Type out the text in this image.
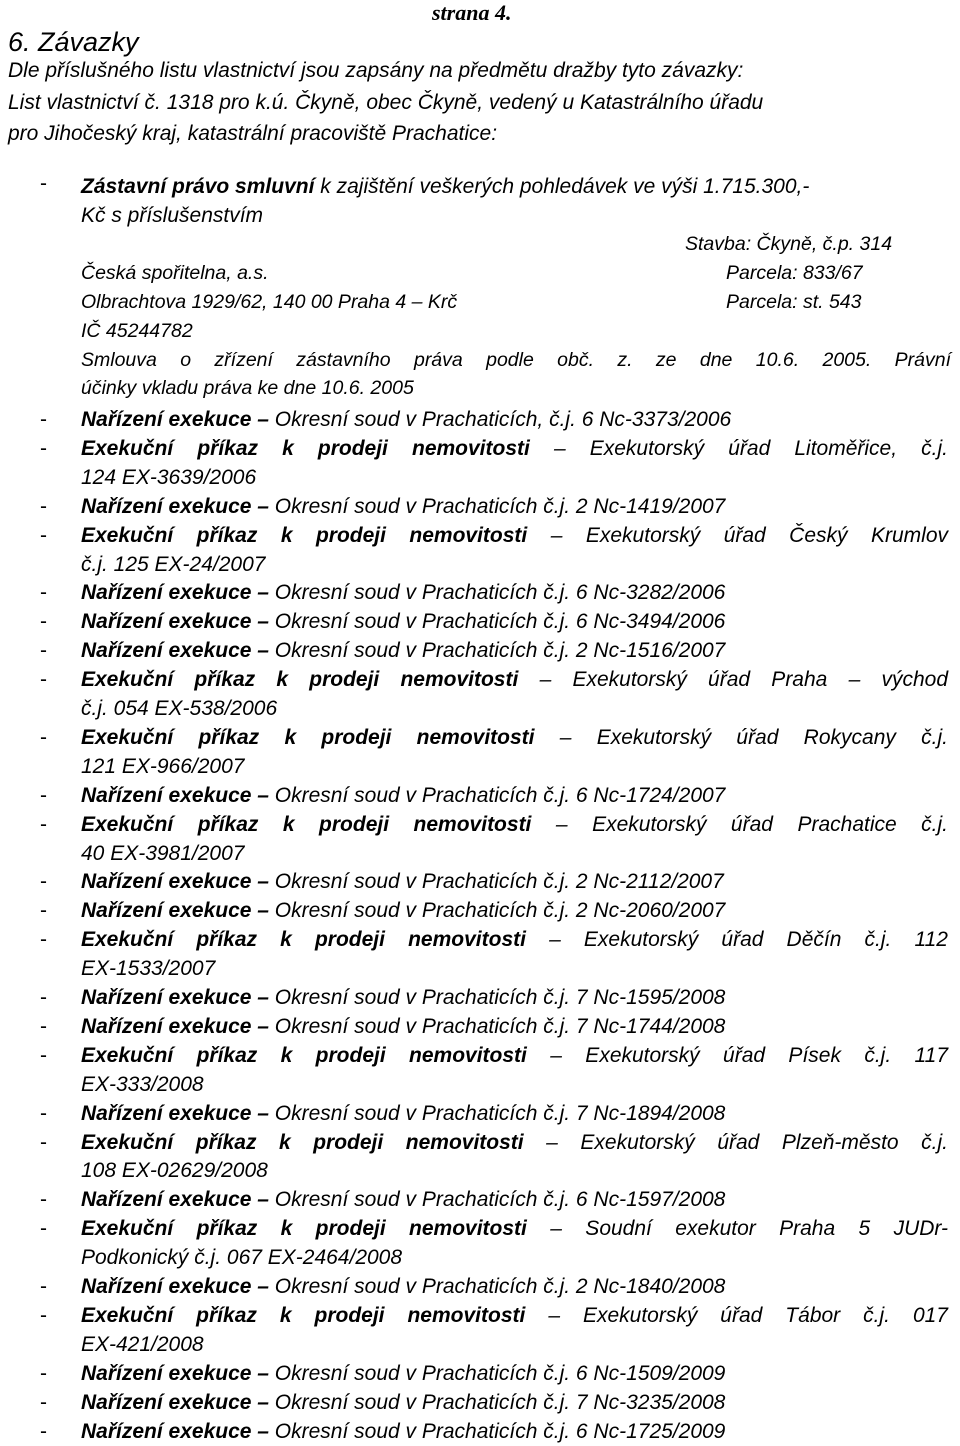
strana 4.
6. Závazky
Dle příslušného listu vlastnictví jsou zapsány na předmětu dražby tyto závazky:
List vlastnictví č. 1318 pro k.ú. Čkyně, obec Čkyně, vedený u Katastrálního úřadu
pro Jihočeský kraj, katastrální pracoviště Prachatice:
- Zástavní právo smluvní k zajištění veškerých pohledávek ve výši 1.715.300,-
Kč s příslušenstvím
Stavba: Čkyně, č.p. 314
Česká spořitelna, a.s.	Parcela: 833/67
Olbrachtova 1929/62, 140 00 Praha 4 – Krč	Parcela: st. 543
IČ 45244782
Smlouva o zřízení zástavního práva podle obč. z. ze dne 10.6. 2005. Právní
účinky vkladu práva ke dne 10.6. 2005
- Nařízení exekuce – Okresní soud v Prachaticích, č.j. 6 Nc-3373/2006
- Exekuční příkaz k prodeji nemovitosti – Exekutorský úřad Litoměřice, č.j.
124 EX-3639/2006
- Nařízení exekuce – Okresní soud v Prachaticích č.j. 2 Nc-1419/2007
- Exekuční příkaz k prodeji nemovitosti – Exekutorský úřad Český Krumlov
č.j. 125 EX-24/2007
- Nařízení exekuce – Okresní soud v Prachaticích č.j. 6 Nc-3282/2006
- Nařízení exekuce – Okresní soud v Prachaticích č.j. 6 Nc-3494/2006
- Nařízení exekuce – Okresní soud v Prachaticích č.j. 2 Nc-1516/2007
- Exekuční příkaz k prodeji nemovitosti – Exekutorský úřad Praha – východ
č.j. 054 EX-538/2006
- Exekuční příkaz k prodeji nemovitosti – Exekutorský úřad Rokycany č.j.
121 EX-966/2007
- Nařízení exekuce – Okresní soud v Prachaticích č.j. 6 Nc-1724/2007
- Exekuční příkaz k prodeji nemovitosti – Exekutorský úřad Prachatice č.j.
40 EX-3981/2007
- Nařízení exekuce – Okresní soud v Prachaticích č.j. 2 Nc-2112/2007
- Nařízení exekuce – Okresní soud v Prachaticích č.j. 2 Nc-2060/2007
- Exekuční příkaz k prodeji nemovitosti – Exekutorský úřad Děčín č.j. 112
EX-1533/2007
- Nařízení exekuce – Okresní soud v Prachaticích č.j. 7 Nc-1595/2008
- Nařízení exekuce – Okresní soud v Prachaticích č.j. 7 Nc-1744/2008
- Exekuční příkaz k prodeji nemovitosti – Exekutorský úřad Písek č.j. 117
EX-333/2008
- Nařízení exekuce – Okresní soud v Prachaticích č.j. 7 Nc-1894/2008
- Exekuční příkaz k prodeji nemovitosti – Exekutorský úřad Plzeň-město č.j.
108 EX-02629/2008
- Nařízení exekuce – Okresní soud v Prachaticích č.j. 6 Nc-1597/2008
- Exekuční příkaz k prodeji nemovitosti – Soudní exekutor Praha 5 JUDr-
Podkonický č.j. 067 EX-2464/2008
- Nařízení exekuce – Okresní soud v Prachaticích č.j. 2 Nc-1840/2008
- Exekuční příkaz k prodeji nemovitosti – Exekutorský úřad Tábor č.j. 017
EX-421/2008
- Nařízení exekuce – Okresní soud v Prachaticích č.j. 6 Nc-1509/2009
- Nařízení exekuce – Okresní soud v Prachaticích č.j. 7 Nc-3235/2008
- Nařízení exekuce – Okresní soud v Prachaticích č.j. 6 Nc-1725/2009
